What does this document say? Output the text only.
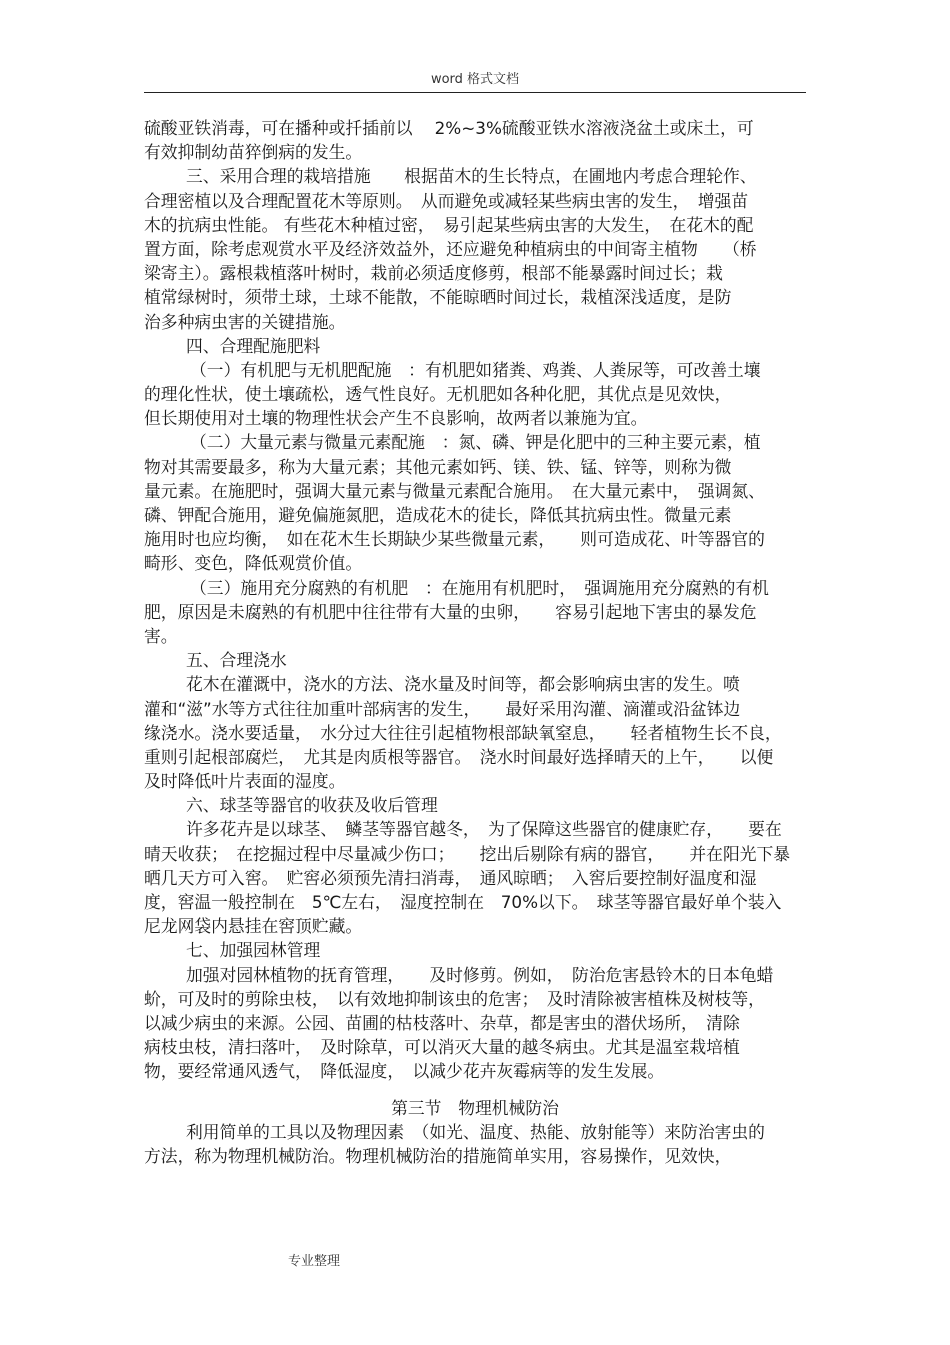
word 格式文档
硫酸亚铁消毒，可在播种或扦插前以　 2%~3%硫酸亚铁水溶液浇盆土或床土，可
有效抑制幼苗猝倒病的发生。
三、采用合理的栽培措施　　根据苗木的生长特点，在圃地内考虑合理轮作、
合理密植以及合理配置花木等原则。　从而避免或减轻某些病虫害的发生，　增强苗
木的抗病虫性能。 有些花木种植过密，　易引起某些病虫害的大发生，　在花木的配
置方面，除考虑观赏水平及经济效益外，还应避免种植病虫的中间寄主植物　　（桥
梁寄主）。露根栽植落叶树时，栽前必须适度修剪，根部不能暴露时间过长；栽
植常绿树时，须带土球，土球不能散，不能晾晒时间过长，栽植深浅适度，是防
治多种病虫害的关键措施。
四、合理配施肥料
（一）有机肥与无机肥配施　：有机肥如猪粪、鸡粪、人粪尿等，可改善土壤
的理化性状，使土壤疏松，透气性良好。无机肥如各种化肥，其优点是见效快，
但长期使用对土壤的物理性状会产生不良影响，故两者以兼施为宜。
（二）大量元素与微量元素配施　：氮、磷、钾是化肥中的三种主要元素，植
物对其需要最多，称为大量元素；其他元素如钙、镁、铁、锰、锌等，则称为微
量元素。在施肥时，强调大量元素与微量元素配合施用。　在大量元素中，　强调氮、
磷、钾配合施用，避免偏施氮肥，造成花木的徒长，降低其抗病虫性。微量元素
施用时也应均衡，　如在花木生长期缺少某些微量元素，　　则可造成花、叶等器官的
畸形、变色，降低观赏价值。
（三）施用充分腐熟的有机肥　：在施用有机肥时，　强调施用充分腐熟的有机
肥，原因是未腐熟的有机肥中往往带有大量的虫卵，　　容易引起地下害虫的暴发危
害。
五、合理浇水
花木在灌溉中，浇水的方法、浇水量及时间等，都会影响病虫害的发生。喷
灌和“滋”水等方式往往加重叶部病害的发生，　　最好采用沟灌、滴灌或沿盆钵边
缘浇水。浇水要适量，　水分过大往往引起植物根部缺氧窒息，　　轻者植物生长不良，
重则引起根部腐烂，　尤其是肉质根等器官。　浇水时间最好选择晴天的上午，　　以便
及时降低叶片表面的湿度。
六、球茎等器官的收获及收后管理
许多花卉是以球茎、　鳞茎等器官越冬，　为了保障这些器官的健康贮存，　　要在
晴天收获；　在挖掘过程中尽量减少伤口；　　挖出后剔除有病的器官，　　并在阳光下暴
晒几天方可入窖。　贮窖必须预先清扫消毒，　通风晾晒；　入窖后要控制好温度和湿
度，窖温一般控制在　5℃左右，　湿度控制在　70%以下。　球茎等器官最好单个装入
尼龙网袋内悬挂在窖顶贮藏。
七、加强园林管理
加强对园林植物的抚育管理，　　及时修剪。例如，　防治危害悬铃木的日本龟蜡
蚧，可及时的剪除虫枝，　以有效地抑制该虫的危害；　及时清除被害植株及树枝等，
以减少病虫的来源。公园、苗圃的枯枝落叶、杂草，都是害虫的潜伏场所，　清除
病枝虫枝，清扫落叶，　及时除草，可以消灭大量的越冬病虫。尤其是温室栽培植
物，要经常通风透气，　降低湿度，　以减少花卉灰霉病等的发生发展。
第三节　物理机械防治
利用简单的工具以及物理因素　（如光、温度、热能、放射能等）来防治害虫的
方法，称为物理机械防治。物理机械防治的措施简单实用，容易操作，见效快，
专业整理
